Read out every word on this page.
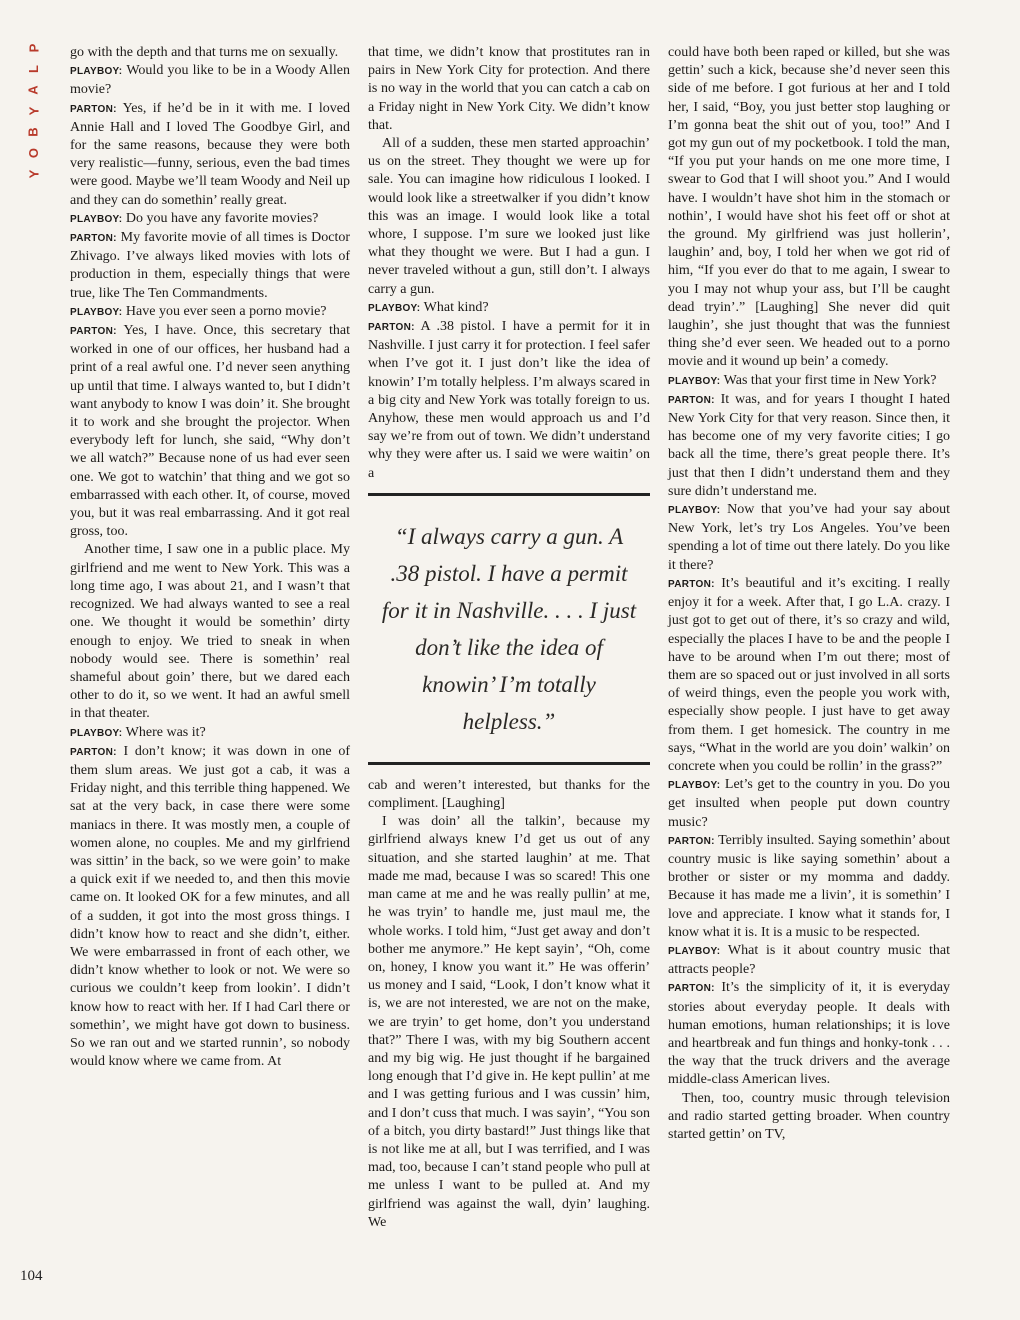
P
L
A
Y
B
O
Y
104

go with the depth and that turns me on sexually.

PLAYBOY: Would you like to be in a Woody Allen movie?

PARTON: Yes, if he’d be in it with me. I loved Annie Hall and I loved The Goodbye Girl, and for the same reasons, because they were both very realistic—funny, serious, even the bad times were good. Maybe we’ll team Woody and Neil up and they can do somethin’ really great.

PLAYBOY: Do you have any favorite movies?

PARTON: My favorite movie of all times is Doctor Zhivago. I’ve always liked movies with lots of production in them, especially things that were true, like The Ten Commandments.

PLAYBOY: Have you ever seen a porno movie?

PARTON: Yes, I have. Once, this secretary that worked in one of our offices, her husband had a print of a real awful one. I’d never seen anything up until that time. I always wanted to, but I didn’t want anybody to know I was doin’ it. She brought it to work and she brought the projector. When everybody left for lunch, she said, “Why don’t we all watch?” Because none of us had ever seen one. We got to watchin’ that thing and we got so embarrassed with each other. It, of course, moved you, but it was real embarrassing. And it got real gross, too.

Another time, I saw one in a public place. My girlfriend and me went to New York. This was a long time ago, I was about 21, and I wasn’t that recognized. We had always wanted to see a real one. We thought it would be somethin’ dirty enough to enjoy. We tried to sneak in when nobody would see. There is somethin’ real shameful about goin’ there, but we dared each other to do it, so we went. It had an awful smell in that theater.

PLAYBOY: Where was it?

PARTON: I don’t know; it was down in one of them slum areas. We just got a cab, it was a Friday night, and this terrible thing happened. We sat at the very back, in case there were some maniacs in there. It was mostly men, a couple of women alone, no couples. Me and my girlfriend was sittin’ in the back, so we were goin’ to make a quick exit if we needed to, and then this movie came on. It looked OK for a few minutes, and all of a sudden, it got into the most gross things. I didn’t know how to react and she didn’t, either. We were embarrassed in front of each other, we didn’t know whether to look or not. We were so curious we couldn’t keep from lookin’. I didn’t know how to react with her. If I had Carl there or somethin’, we might have got down to business. So we ran out and we started runnin’, so nobody would know where we came from. At

that time, we didn’t know that prostitutes ran in pairs in New York City for protection. And there is no way in the world that you can catch a cab on a Friday night in New York City. We didn’t know that.

All of a sudden, these men started approachin’ us on the street. They thought we were up for sale. You can imagine how ridiculous I looked. I would look like a streetwalker if you didn’t know this was an image. I would look like a total whore, I suppose. I’m sure we looked just like what they thought we were. But I had a gun. I never traveled without a gun, still don’t. I always carry a gun.

PLAYBOY: What kind?

PARTON: A .38 pistol. I have a permit for it in Nashville. I just carry it for protection. I feel safer when I’ve got it. I just don’t like the idea of knowin’ I’m totally helpless. I’m always scared in a big city and New York was totally foreign to us. Anyhow, these men would approach us and I’d say we’re from out of town. We didn’t understand why they were after us. I said we were waitin’ on a

“I always carry a gun. A .38 pistol. I have a permit for it in Nashville. . . . I just don’t like the idea of knowin’ I’m totally helpless.”

cab and weren’t interested, but thanks for the compliment. [Laughing]

I was doin’ all the talkin’, because my girlfriend always knew I’d get us out of any situation, and she started laughin’ at me. That made me mad, because I was so scared! This one man came at me and he was really pullin’ at me, he was tryin’ to handle me, just maul me, the whole works. I told him, “Just get away and don’t bother me anymore.” He kept sayin’, “Oh, come on, honey, I know you want it.” He was offerin’ us money and I said, “Look, I don’t know what it is, we are not interested, we are not on the make, we are tryin’ to get home, don’t you understand that?” There I was, with my big Southern accent and my big wig. He just thought if he bargained long enough that I’d give in. He kept pullin’ at me and I was getting furious and I was cussin’ him, and I don’t cuss that much. I was sayin’, “You son of a bitch, you dirty bastard!” Just things like that is not like me at all, but I was terrified, and I was mad, too, because I can’t stand people who pull at me unless I want to be pulled at. And my girlfriend was against the wall, dyin’ laughing. We

could have both been raped or killed, but she was gettin’ such a kick, because she’d never seen this side of me before. I got furious at her and I told her, I said, “Boy, you just better stop laughing or I’m gonna beat the shit out of you, too!” And I got my gun out of my pocketbook. I told the man, “If you put your hands on me one more time, I swear to God that I will shoot you.” And I would have. I wouldn’t have shot him in the stomach or nothin’, I would have shot his feet off or shot at the ground. My girlfriend was just hollerin’, laughin’ and, boy, I told her when we got rid of him, “If you ever do that to me again, I swear to you I may not whup your ass, but I’ll be caught dead tryin’.” [Laughing] She never did quit laughin’, she just thought that was the funniest thing she’d ever seen. We headed out to a porno movie and it wound up bein’ a comedy.

PLAYBOY: Was that your first time in New York?

PARTON: It was, and for years I thought I hated New York City for that very reason. Since then, it has become one of my very favorite cities; I go back all the time, there’s great people there. It’s just that then I didn’t understand them and they sure didn’t understand me.

PLAYBOY: Now that you’ve had your say about New York, let’s try Los Angeles. You’ve been spending a lot of time out there lately. Do you like it there?

PARTON: It’s beautiful and it’s exciting. I really enjoy it for a week. After that, I go L.A. crazy. I just got to get out of there, it’s so crazy and wild, especially the places I have to be and the people I have to be around when I’m out there; most of them are so spaced out or just involved in all sorts of weird things, even the people you work with, especially show people. I just have to get away from them. I get homesick. The country in me says, “What in the world are you doin’ walkin’ on concrete when you could be rollin’ in the grass?”

PLAYBOY: Let’s get to the country in you. Do you get insulted when people put down country music?

PARTON: Terribly insulted. Saying somethin’ about country music is like saying somethin’ about a brother or sister or my momma and daddy. Because it has made me a livin’, it is somethin’ I love and appreciate. I know what it stands for, I know what it is. It is a music to be respected.

PLAYBOY: What is it about country music that attracts people?

PARTON: It’s the simplicity of it, it is everyday stories about everyday people. It deals with human emotions, human relationships; it is love and heartbreak and fun things and honky-tonk . . . the way that the truck drivers and the average middle-class American lives.

Then, too, country music through television and radio started getting broader. When country started gettin’ on TV,
